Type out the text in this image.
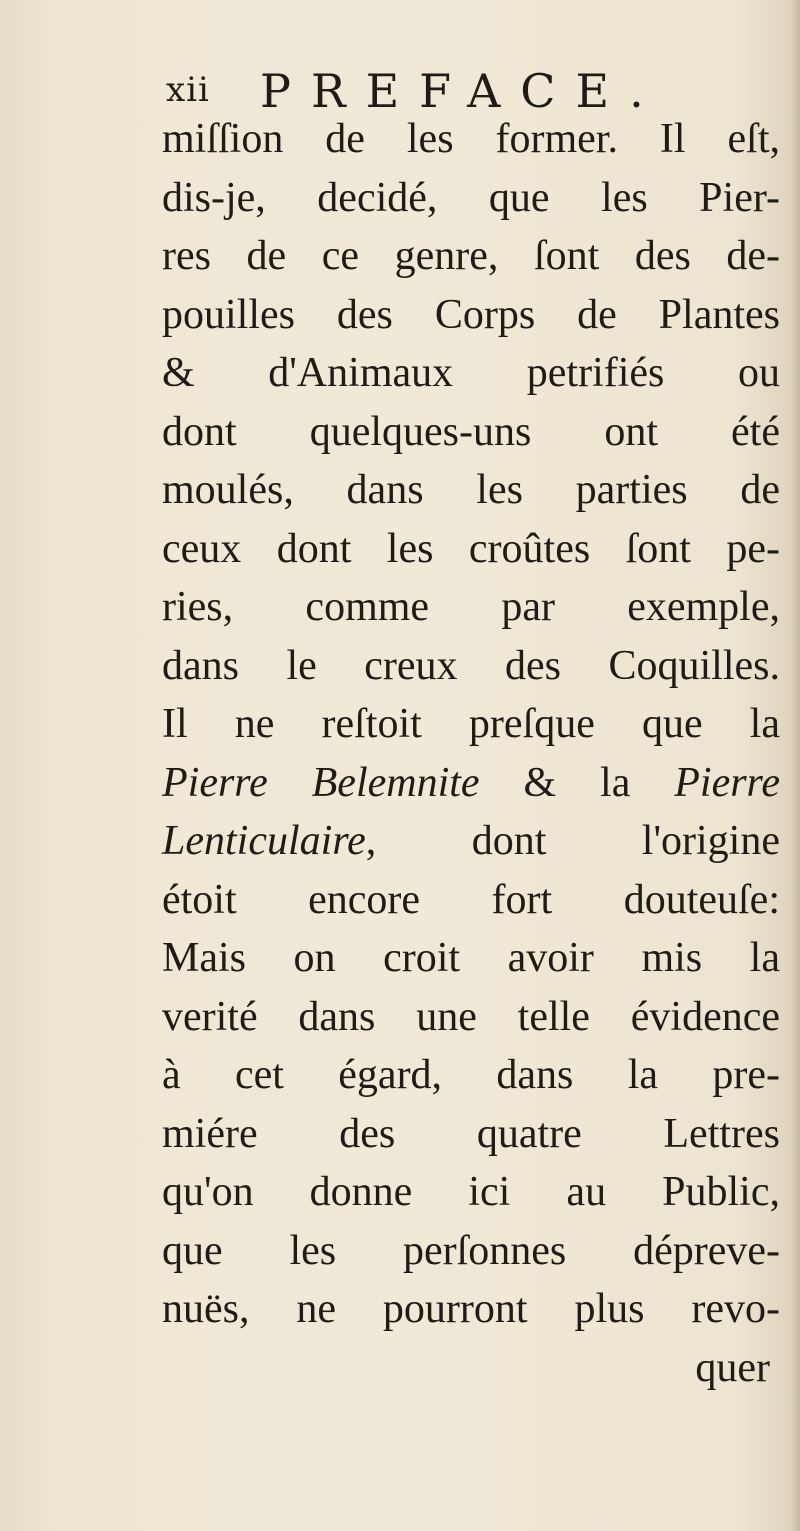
xii PREFACE.
miſſion de les former. Il eſt,
dis-je, decidé, que les Pier-
res de ce genre, ſont des de-
pouilles des Corps de Plantes
& d'Animaux petrifiés ou
dont quelques-uns ont été
moulés, dans les parties de
ceux dont les croûtes ſont pe-
ries, comme par exemple,
dans le creux des Coquilles.
Il ne reſtoit preſque que la
Pierre Belemnite & la Pierre
Lenticulaire, dont l'origine
étoit encore fort douteuſe:
Mais on croit avoir mis la
verité dans une telle évidence
à cet égard, dans la pre-
miére des quatre Lettres
qu'on donne ici au Public,
que les perſonnes dépreve-
nuës, ne pourront plus revo-
quer
